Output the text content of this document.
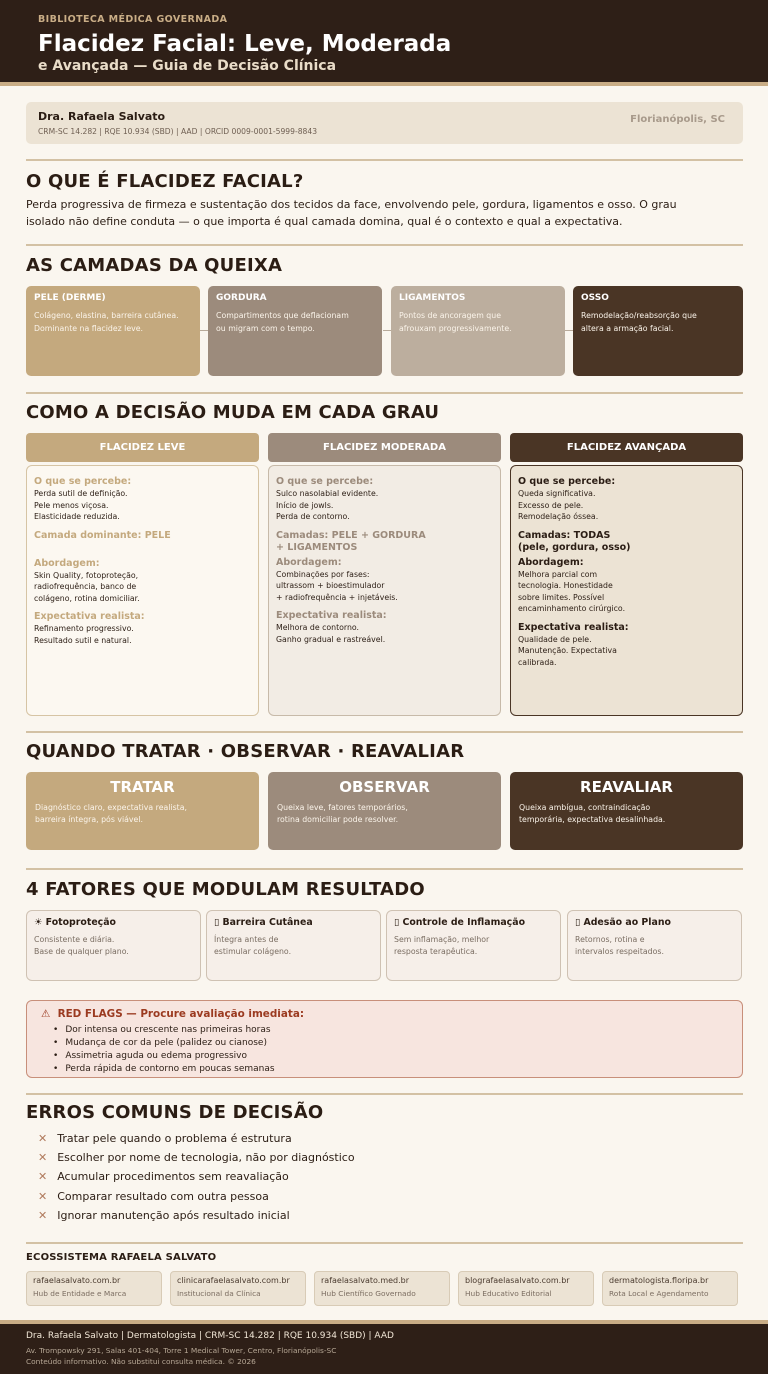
BIBLIOTECA MÉDICA GOVERNADA
Flacidez Facial: Leve, Moderada
e Avançada — Guia de Decisão Clínica
Dra. Rafaela Salvato
CRM-SC 14.282 | RQE 10.934 (SBD) | AAD | ORCID 0009-0001-5999-8843
Florianópolis, SC
O QUE É FLACIDEZ FACIAL?
Perda progressiva de firmeza e sustentação dos tecidos da face, envolvendo pele, gordura, ligamentos e osso. O grau
isolado não define conduta — o que importa é qual camada domina, qual é o contexto e qual a expectativa.
AS CAMADAS DA QUEIXA
PELE (DERME)
Colágeno, elastina, barreira cutânea.
Dominante na flacidez leve.
GORDURA
Compartimentos que deflacionam
ou migram com o tempo.
LIGAMENTOS
Pontos de ancoragem que
afrouxam progressivamente.
OSSO
Remodelação/reabsorção que
altera a armação facial.
COMO A DECISÃO MUDA EM CADA GRAU
FLACIDEZ LEVE	FLACIDEZ MODERADA	FLACIDEZ AVANÇADA
O que se percebe:
Perda sutil de definição.
Pele menos viçosa.
Elasticidade reduzida.
Camada dominante: PELE
Abordagem:
Skin Quality, fotoproteção,
radiofrequência, banco de
colágeno, rotina domiciliar.
Expectativa realista:
Refinamento progressivo.
Resultado sutil e natural.
O que se percebe:
Sulco nasolabial evidente.
Início de jowls.
Perda de contorno.
Camadas: PELE + GORDURA
+ LIGAMENTOS
Abordagem:
Combinações por fases:
ultrassom + bioestimulador
+ radiofrequência + injetáveis.
Expectativa realista:
Melhora de contorno.
Ganho gradual e rastreável.
O que se percebe:
Queda significativa.
Excesso de pele.
Remodelação óssea.
Camadas: TODAS
(pele, gordura, osso)
Abordagem:
Melhora parcial com
tecnologia. Honestidade
sobre limites. Possível
encaminhamento cirúrgico.
Expectativa realista:
Qualidade de pele.
Manutenção. Expectativa
calibrada.
QUANDO TRATAR · OBSERVAR · REAVALIAR
TRATAR
Diagnóstico claro, expectativa realista,
barreira íntegra, pós viável.
OBSERVAR
Queixa leve, fatores temporários,
rotina domiciliar pode resolver.
REAVALIAR
Queixa ambígua, contraindicação
temporária, expectativa desalinhada.
4 FATORES QUE MODULAM RESULTADO
☀ Fotoproteção
Consistente e diária.
Base de qualquer plano.
▯ Barreira Cutânea
Íntegra antes de
estimular colágeno.
▯ Controle de Inflamação
Sem inflamação, melhor
resposta terapêutica.
▯ Adesão ao Plano
Retornos, rotina e
intervalos respeitados.
⚠ RED FLAGS — Procure avaliação imediata:
• Dor intensa ou crescente nas primeiras horas
• Mudança de cor da pele (palidez ou cianose)
• Assimetria aguda ou edema progressivo
• Perda rápida de contorno em poucas semanas
ERROS COMUNS DE DECISÃO
✕ Tratar pele quando o problema é estrutura
✕ Escolher por nome de tecnologia, não por diagnóstico
✕ Acumular procedimentos sem reavaliação
✕ Comparar resultado com outra pessoa
✕ Ignorar manutenção após resultado inicial
ECOSSISTEMA RAFAELA SALVATO
rafaelasalvato.com.br
Hub de Entidade e Marca
clinicarafaelasalvato.com.br
Institucional da Clínica
rafaelasalvato.med.br
Hub Científico Governado
blografaelasalvato.com.br
Hub Educativo Editorial
dermatologista.floripa.br
Rota Local e Agendamento
Dra. Rafaela Salvato | Dermatologista | CRM-SC 14.282 | RQE 10.934 (SBD) | AAD
Av. Trompowsky 291, Salas 401-404, Torre 1 Medical Tower, Centro, Florianópolis-SC
Conteúdo informativo. Não substitui consulta médica. © 2026
